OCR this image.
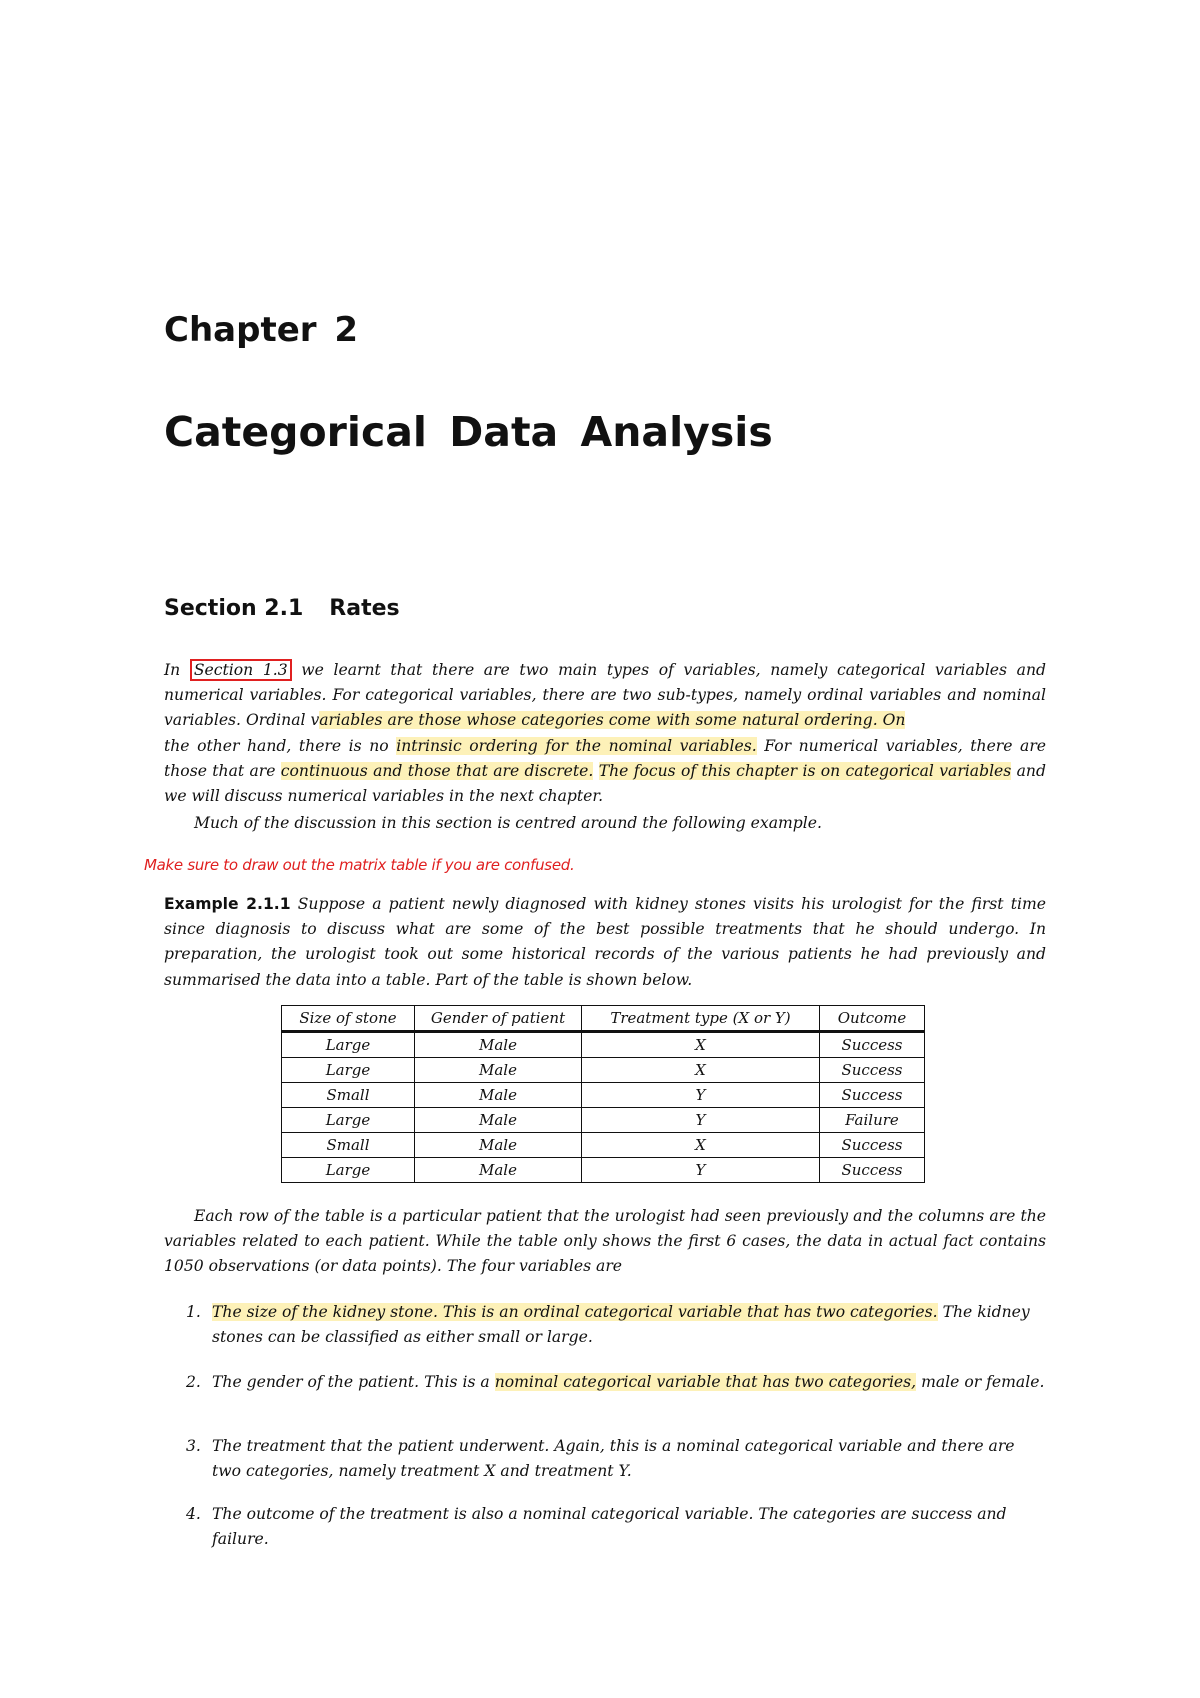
Chapter 2
Categorical Data Analysis
Section 2.1 Rates

In Section 1.3 we learnt that there are two main types of variables, namely categorical variables and numerical variables. For categorical variables, there are two sub-types, namely ordinal variables and nominal variables. Ordinal variables are those whose categories come with some natural ordering. On
the other hand, there is no intrinsic ordering for the nominal variables. For numerical variables, there are those that are continuous and those that are discrete. The focus of this chapter is on categorical variables and we will discuss numerical variables in the next chapter.

Much of the discussion in this section is centred around the following example.

Make sure to draw out the matrix table if you are confused.

Example 2.1.1 Suppose a patient newly diagnosed with kidney stones visits his urologist for the first time since diagnosis to discuss what are some of the best possible treatments that he should undergo. In preparation, the urologist took out some historical records of the various patients he had previously and summarised the data into a table. Part of the table is shown below.

Size of stone	Gender of patient	Treatment type (X or Y)	Outcome
Large	Male	X	Success
Large	Male	X	Success
Small	Male	Y	Success
Large	Male	Y	Failure
Small	Male	X	Success
Large	Male	Y	Success

Each row of the table is a particular patient that the urologist had seen previously and the columns are the variables related to each patient. While the table only shows the first 6 cases, the data in actual fact contains 1050 observations (or data points). The four variables are

1. The size of the kidney stone. This is an ordinal categorical variable that has two categories. The kidney stones can be classified as either small or large.
2. The gender of the patient. This is a nominal categorical variable that has two categories, male or female.
3. The treatment that the patient underwent. Again, this is a nominal categorical variable and there are two categories, namely treatment X and treatment Y.
4. The outcome of the treatment is also a nominal categorical variable. The categories are success and failure.
